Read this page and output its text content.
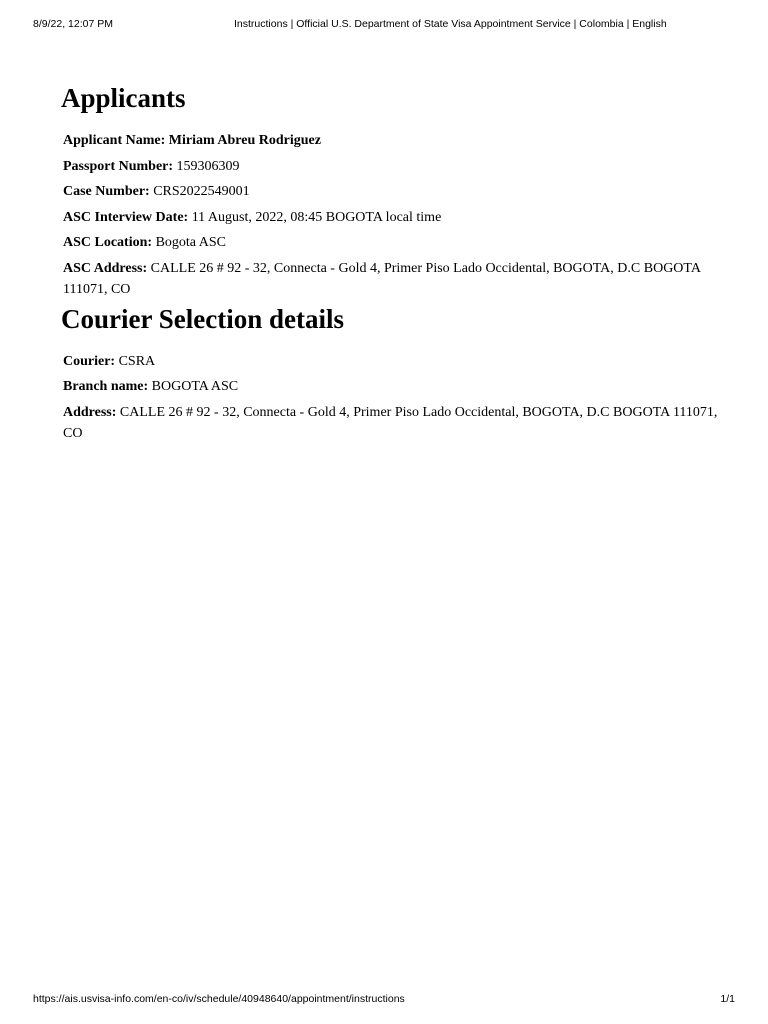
8/9/22, 12:07 PM	Instructions | Official U.S. Department of State Visa Appointment Service | Colombia | English
Applicants

Applicant Name: Miriam Abreu Rodriguez

Passport Number: 159306309

Case Number: CRS2022549001

ASC Interview Date: 11 August, 2022, 08:45 BOGOTA local time

ASC Location: Bogota ASC

ASC Address: CALLE 26 # 92 - 32, Connecta - Gold 4, Primer Piso Lado Occidental, BOGOTA, D.C BOGOTA 111071, CO

Courier Selection details

Courier: CSRA

Branch name: BOGOTA ASC

Address: CALLE 26 # 92 - 32, Connecta - Gold 4, Primer Piso Lado Occidental, BOGOTA, D.C BOGOTA 111071, CO

https://ais.usvisa-info.com/en-co/iv/schedule/40948640/appointment/instructions	1/1
